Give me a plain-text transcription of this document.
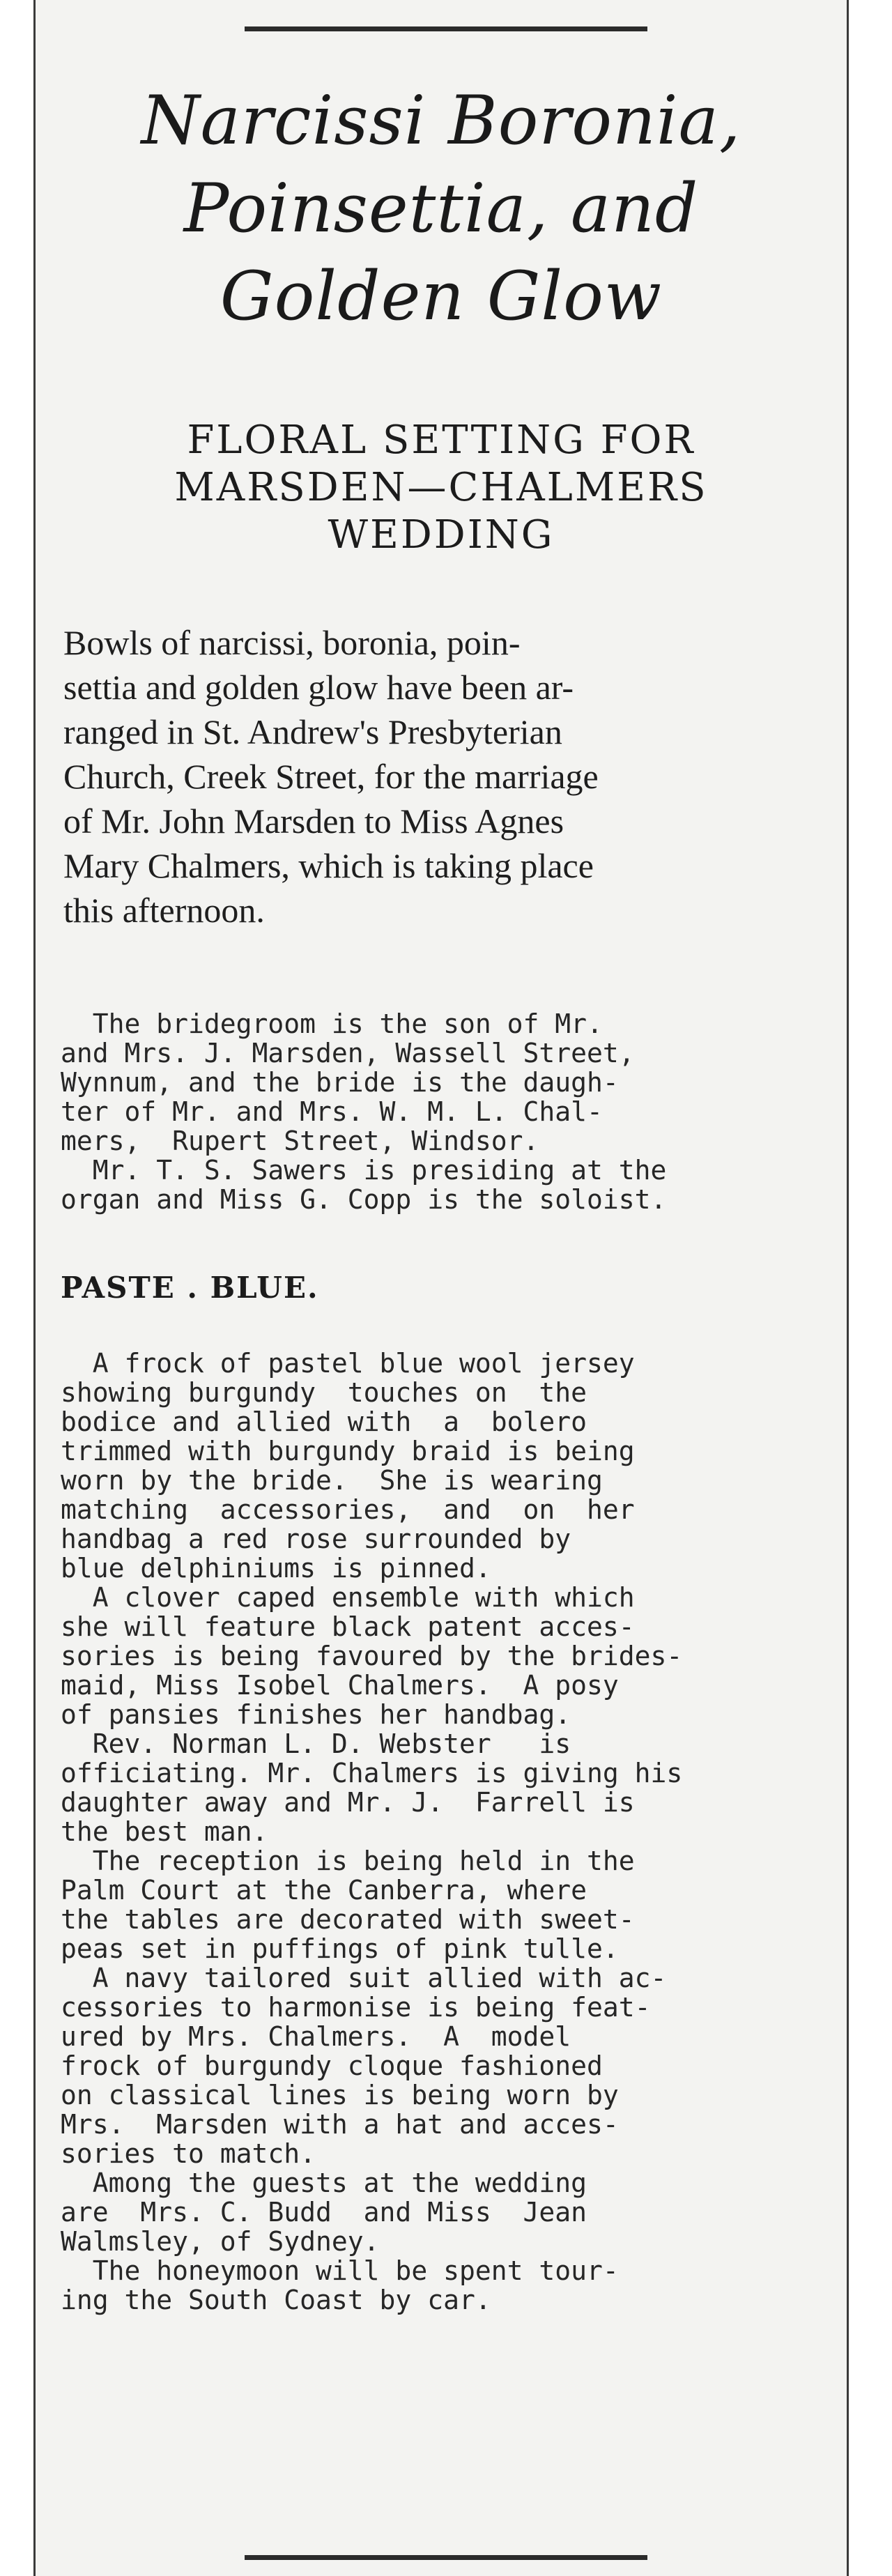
Narcissi Boronia,
Poinsettia, and
Golden Glow
FLORAL SETTING FOR
MARSDEN—CHALMERS
WEDDING

Bowls of narcissi, boronia, poin-
settia and golden glow have been ar-
ranged in St. Andrew's Presbyterian
Church, Creek Street, for the marriage
of Mr. John Marsden to Miss Agnes
Mary Chalmers, which is taking place
this afternoon.

The bridegroom is the son of Mr.
and Mrs. J. Marsden, Wassell Street,
Wynnum, and the bride is the daugh-
ter of Mr. and Mrs. W. M. L. Chal-
mers,  Rupert Street, Windsor.
Mr. T. S. Sawers is presiding at the
organ and Miss G. Copp is the soloist.

PASTE . BLUE.

A frock of pastel blue wool jersey
showing burgundy  touches on  the
bodice and allied with  a  bolero
trimmed with burgundy braid is being
worn by the bride.  She is wearing
matching  accessories,  and  on  her
handbag a red rose surrounded by
blue delphiniums is pinned.
A clover caped ensemble with which
she will feature black patent acces-
sories is being favoured by the brides-
maid, Miss Isobel Chalmers.  A posy
of pansies finishes her handbag.
Rev. Norman L. D. Webster   is
officiating. Mr. Chalmers is giving his
daughter away and Mr. J.  Farrell is
the best man.
The reception is being held in the
Palm Court at the Canberra, where
the tables are decorated with sweet-
peas set in puffings of pink tulle.
A navy tailored suit allied with ac-
cessories to harmonise is being feat-
ured by Mrs. Chalmers.  A  model
frock of burgundy cloque fashioned
on classical lines is being worn by
Mrs.  Marsden with a hat and acces-
sories to match.
Among the guests at the wedding
are  Mrs. C. Budd  and Miss  Jean
Walmsley, of Sydney.
The honeymoon will be spent tour-
ing the South Coast by car.
